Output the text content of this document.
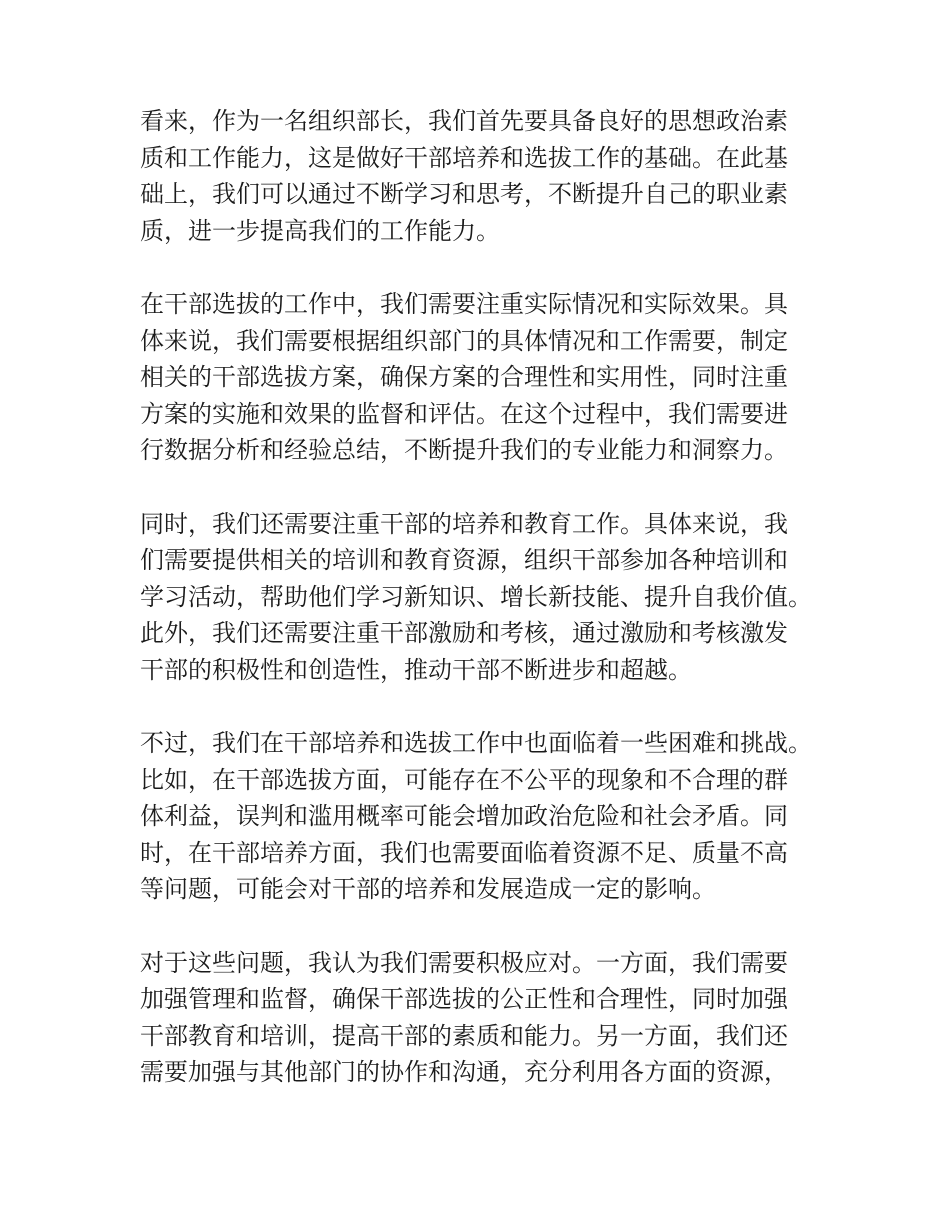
看来，作为一名组织部长，我们首先要具备良好的思想政治素
质和工作能力，这是做好干部培养和选拔工作的基础。在此基
础上，我们可以通过不断学习和思考，不断提升自己的职业素
质，进一步提高我们的工作能力。
在干部选拔的工作中，我们需要注重实际情况和实际效果。具
体来说，我们需要根据组织部门的具体情况和工作需要，制定
相关的干部选拔方案，确保方案的合理性和实用性，同时注重
方案的实施和效果的监督和评估。在这个过程中，我们需要进
行数据分析和经验总结，不断提升我们的专业能力和洞察力。
同时，我们还需要注重干部的培养和教育工作。具体来说，我
们需要提供相关的培训和教育资源，组织干部参加各种培训和
学习活动，帮助他们学习新知识、增长新技能、提升自我价值。
此外，我们还需要注重干部激励和考核，通过激励和考核激发
干部的积极性和创造性，推动干部不断进步和超越。
不过，我们在干部培养和选拔工作中也面临着一些困难和挑战。
比如，在干部选拔方面，可能存在不公平的现象和不合理的群
体利益，误判和滥用概率可能会增加政治危险和社会矛盾。同
时，在干部培养方面，我们也需要面临着资源不足、质量不高
等问题，可能会对干部的培养和发展造成一定的影响。
对于这些问题，我认为我们需要积极应对。一方面，我们需要
加强管理和监督，确保干部选拔的公正性和合理性，同时加强
干部教育和培训，提高干部的素质和能力。另一方面，我们还
需要加强与其他部门的协作和沟通，充分利用各方面的资源，
